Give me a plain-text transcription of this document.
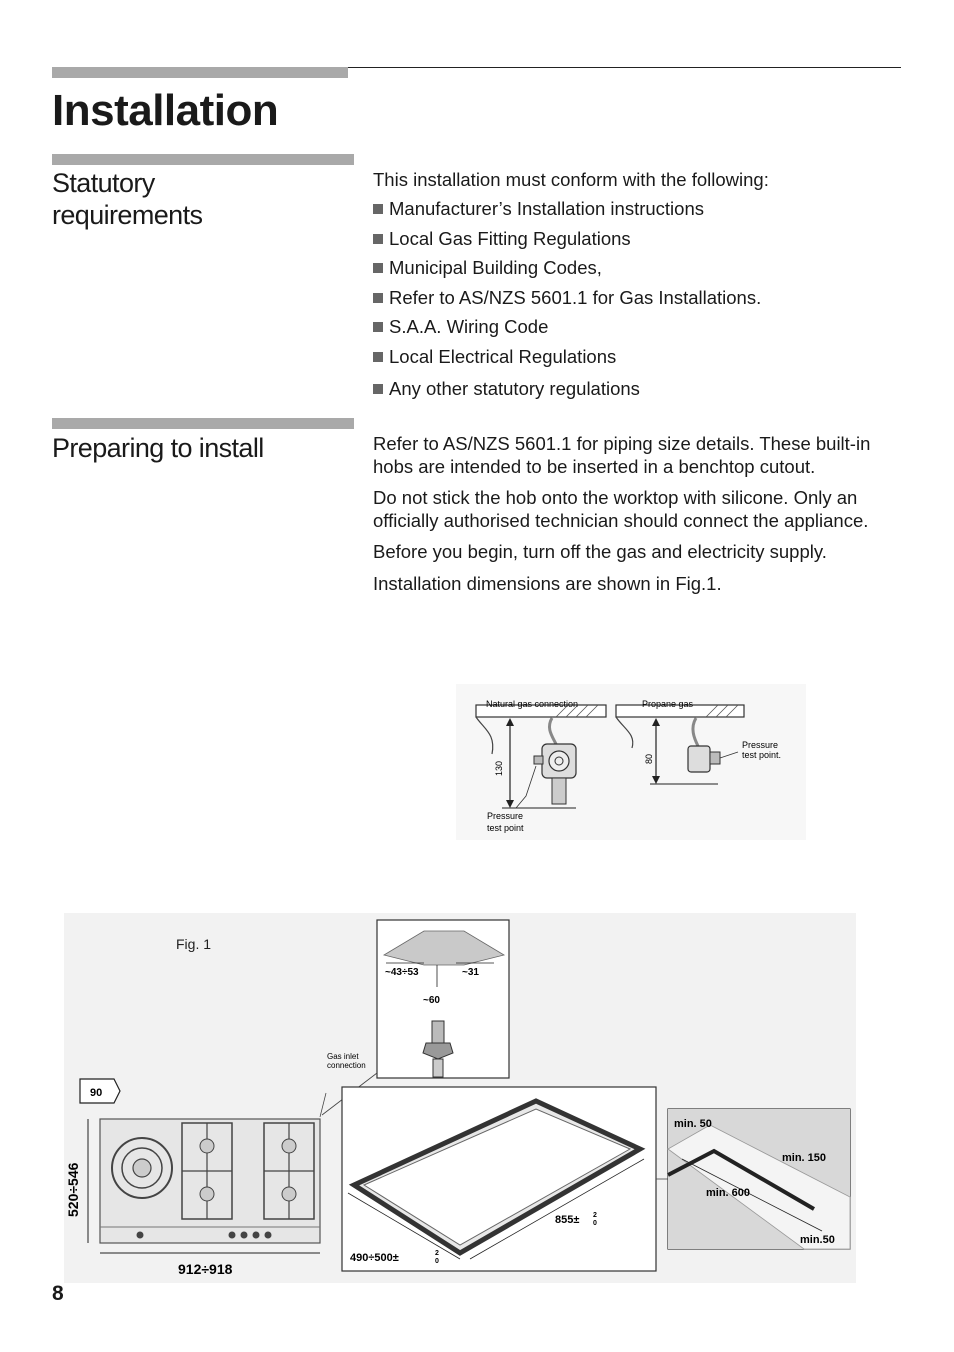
Installation
Statutory
requirements
This installation must conform with the following:
Manufacturer’s Installation instructions
Local Gas Fitting Regulations
Municipal Building Codes,
Refer to AS/NZS 5601.1 for Gas Installations.
S.A.A. Wiring Code
Local Electrical Regulations
Any other statutory regulations
Preparing to install	Refer to AS/NZS 5601.1 for piping size details. These built-in hobs are intended to be inserted in a benchtop cutout.

Do not stick the hob onto the worktop with silicone. Only an officially authorised technician should connect the appliance.

Before you begin, turn off the gas and electricity supply.

Installation dimensions are shown in Fig.1.

130
Natural gas connection
Pressure
test point
80
Propane gas
Pressure
test point.
Fig. 1
~43÷53	~31
~60
Gas inlet
connection
90
520÷546
912÷918
855± 2
0
490÷500±	2
0
min. 50
min. 150
min. 600
min.50
8
